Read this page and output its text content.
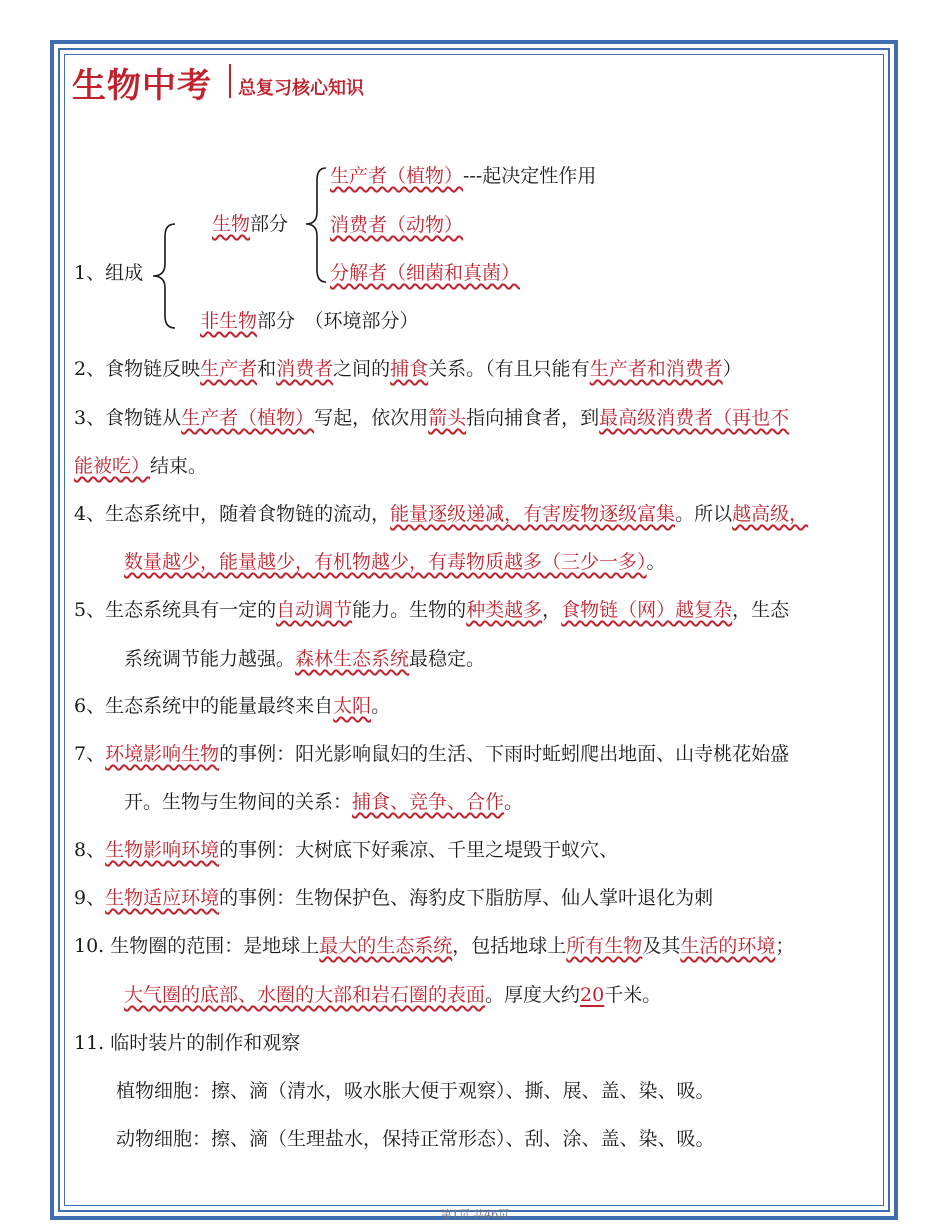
生物中考 总复习核心知识
1、组成
生物部分
生产者（植物）---起决定性作用
消费者（动物）
分解者（细菌和真菌）
非生物部分　（环境部分）
2、食物链反映生产者和消费者之间的捕食关系。（有且只能有生产者和消费者）
3、食物链从生产者（植物）写起，依次用箭头指向捕食者，到最高级消费者（再也不
能被吃）结束。
4、生态系统中，随着食物链的流动，能量逐级递减，有害废物逐级富集。所以越高级，
数量越少，能量越少，有机物越少，有毒物质越多（三少一多）。
5、生态系统具有一定的自动调节能力。生物的种类越多，食物链（网）越复杂，生态
系统调节能力越强。森林生态系统最稳定。
6、生态系统中的能量最终来自太阳。
7、环境影响生物的事例：阳光影响鼠妇的生活、下雨时蚯蚓爬出地面、山寺桃花始盛
开。生物与生物间的关系：捕食、竞争、合作。
8、生物影响环境的事例：大树底下好乘凉、千里之堤毁于蚁穴、
9、生物适应环境的事例：生物保护色、海豹皮下脂肪厚、仙人掌叶退化为刺
10. 生物圈的范围：是地球上最大的生态系统，包括地球上所有生物及其生活的环境；
大气圈的底部、水圈的大部和岩石圈的表面。厚度大约20千米。
11. 临时装片的制作和观察
植物细胞：擦、滴（清水，吸水胀大便于观察）、撕、展、盖、染、吸。
动物细胞：擦、滴（生理盐水，保持正常形态）、刮、涂、盖、染、吸。
第1页 共46页
